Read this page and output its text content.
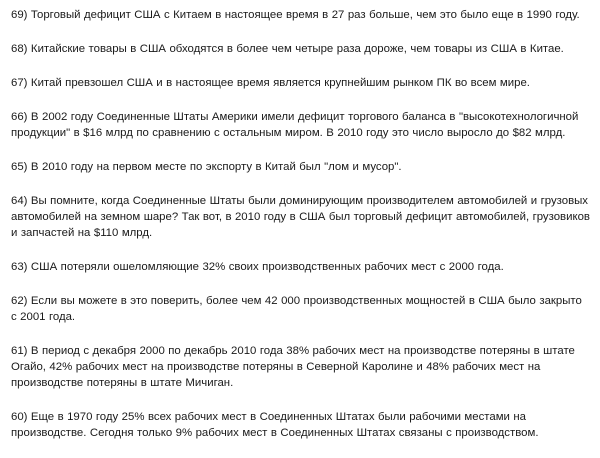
69) Торговый дефицит США с Китаем в настоящее время в 27 раз больше, чем это было еще в 1990 году.

68) Китайские товары в США обходятся в более чем четыре раза дороже, чем товары из США в Китае.

67) Китай превзошел США и в настоящее время является крупнейшим рынком ПК во всем мире.

66) В 2002 году Соединенные Штаты Америки имели дефицит торгового баланса в "высокотехнологичной продукции" в $16 млрд по сравнению с остальным миром. В 2010 году это число выросло до $82 млрд.

65) В 2010 году на первом месте по экспорту в Китай был "лом и мусор".

64) Вы помните, когда Соединенные Штаты были доминирующим производителем автомобилей и грузовых автомобилей на земном шаре? Так вот, в 2010 году в США был торговый дефицит автомобилей, грузовиков и запчастей на $110 млрд.

63) США потеряли ошеломляющие 32% своих производственных рабочих мест с 2000 года.

62) Если вы можете в это поверить, более чем 42 000 производственных мощностей в США было закрыто с 2001 года.

61) В период с декабря 2000 по декабрь 2010 года 38% рабочих мест на производстве потеряны в штате Огайо, 42% рабочих мест на производстве потеряны в Северной Каролине и 48% рабочих мест на производстве потеряны в штате Мичиган.

60) Еще в 1970 году 25% всех рабочих мест в Соединенных Штатах были рабочими местами на производстве. Сегодня только 9% рабочих мест в Соединенных Штатах связаны с производством.
